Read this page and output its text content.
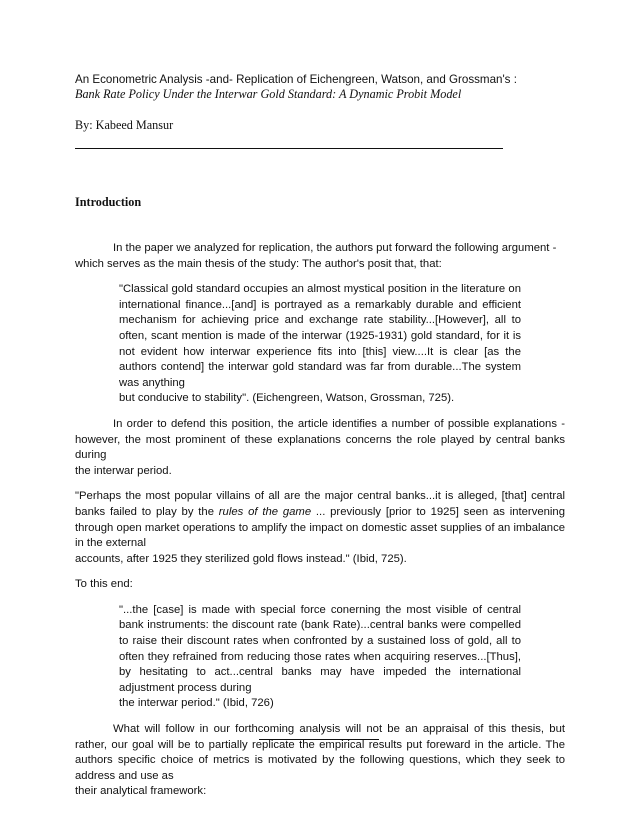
An Econometric Analysis -and- Replication of Eichengreen, Watson, and Grossman's :
Bank Rate Policy Under the Interwar Gold Standard: A Dynamic Probit Model
By: Kabeed Mansur
Introduction

In the paper we analyzed for replication, the authors put forward the following argument -

which serves as the main thesis of the study: The author's posit that, that:

"Classical gold standard occupies an almost mystical position in the literature on international finance...[and] is portrayed as a remarkably durable and efficient mechanism for achieving price and exchange rate stability...[However], all to often, scant mention is made of the interwar (1925-1931) gold standard, for it is not evident how interwar experience fits into [this] view....It is clear [as the authors contend] the interwar gold standard was far from durable...The system was anything

but conducive to stability". (Eichengreen, Watson, Grossman, 725).

In order to defend this position, the article identifies a number of possible explanations - however, the most prominent of these explanations concerns the role played by central banks during

the interwar period.

"Perhaps the most popular villains of all are the major central banks...it is alleged, [that] central banks failed to play by the rules of the game ... previously [prior to 1925] seen as intervening through open market operations to amplify the impact on domestic asset supplies of an imbalance in the external

accounts, after 1925 they sterilized gold flows instead." (Ibid, 725).

To this end:

"...the [case] is made with special force conerning the most visible of central bank instruments: the discount rate (bank Rate)...central banks were compelled to raise their discount rates when confronted by a sustained loss of gold, all to often they refrained from reducing those rates when acquiring reserves...[Thus], by hesitating to act...central banks may have impeded the international adjustment process during

the interwar period." (Ibid, 726)

What will follow in our forthcoming analysis will not be an appraisal of this thesis, but rather, our goal will be to partially replicate the empirical results put foreward in the article. The authors specific choice of metrics is motivated by the following questions, which they seek to address and use as

their analytical framework:
